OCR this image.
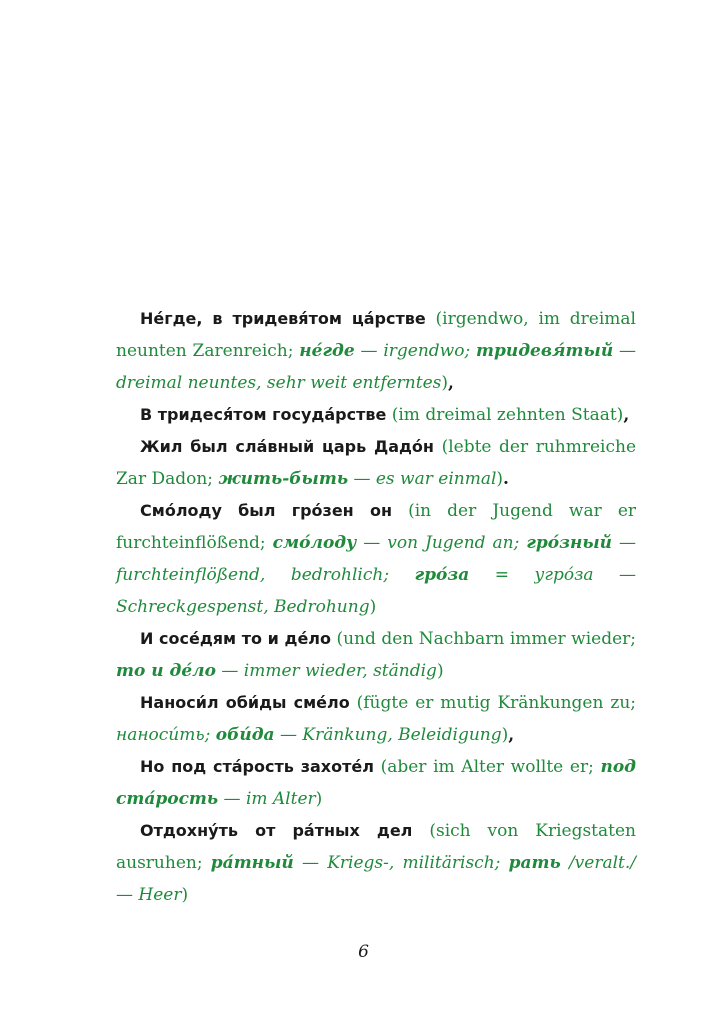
Не́где, в тридевя́том ца́рстве (irgendwo, im dreimal neunten Zarenreich; не́где — irgendwo; тридевя́тый — dreimal neuntes, sehr weit entferntes),

В тридеся́том госуда́рстве (im dreimal zehnten Staat),

Жил был сла́вный царь Дадо́н (lebte der ruhmreiche Zar Dadon; жить-быть — es war einmal).

Смо́лоду был гро́зен он (in der Jugend war er furchteinflößend; смо́лоду — von Jugend an; гро́зный — furchteinflößend, bedrohlich; гро́за = угро́за — Schreckgespenst, Bedrohung)

И сосе́дям то и де́ло (und den Nachbarn immer wieder; то и де́ло — immer wieder, ständig)

Наноси́л оби́ды сме́ло (fügte er mutig Kränkungen zu; наноси́ть; оби́да — Kränkung, Beleidigung),

Но под ста́рость захоте́л (aber im Alter wollte er; под ста́рость — im Alter)

Отдохну́ть от ра́тных дел (sich von Kriegstaten ausruhen; ра́тный — Kriegs-, militärisch; рать /veralt./ — Heer)

6
